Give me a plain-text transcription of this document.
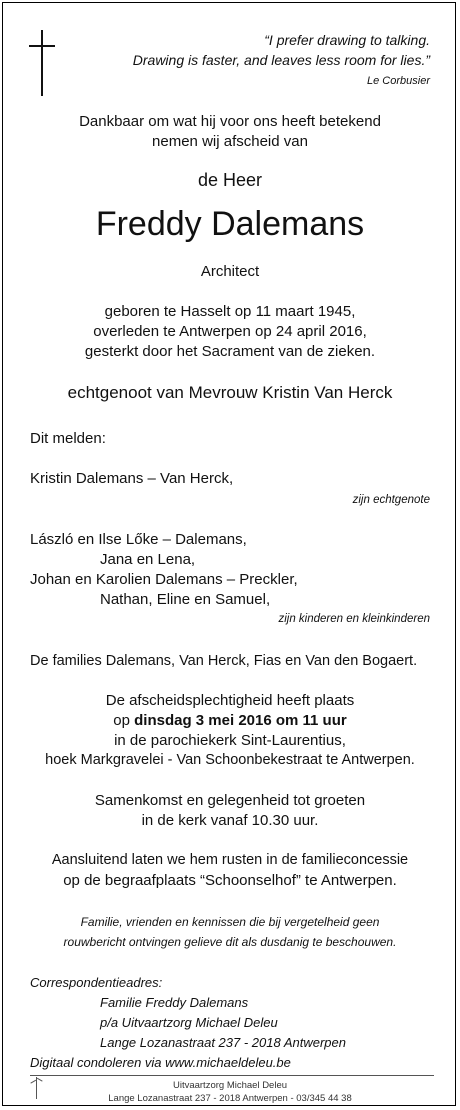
“I prefer drawing to talking.
Drawing is faster, and leaves less room for lies.”
Le Corbusier
Dankbaar om wat hij voor ons heeft betekend
nemen wij afscheid van
de Heer
Freddy Dalemans
Architect
geboren te Hasselt op 11 maart 1945,
overleden te Antwerpen op 24 april 2016,
gesterkt door het Sacrament van de zieken.
echtgenoot van Mevrouw Kristin Van Herck
Dit melden:
Kristin Dalemans – Van Herck,
zijn echtgenote
László en Ilse Lőke – Dalemans,
Jana en Lena,
Johan en Karolien Dalemans – Preckler,
Nathan, Eline en Samuel,
zijn kinderen en kleinkinderen
De families Dalemans, Van Herck, Fias en Van den Bogaert.
De afscheidsplechtigheid heeft plaats
op dinsdag 3 mei 2016 om 11 uur
in de parochiekerk Sint-Laurentius,
hoek Markgravelei - Van Schoonbekestraat te Antwerpen.
Samenkomst en gelegenheid tot groeten
in de kerk vanaf 10.30 uur.
Aansluitend laten we hem rusten in de familieconcessie
op de begraafplaats “Schoonselhof” te Antwerpen.
Familie, vrienden en kennissen die bij vergetelheid geen
rouwbericht ontvingen gelieve dit als dusdanig te beschouwen.
Correspondentieadres:
Familie Freddy Dalemans
p/a Uitvaartzorg Michael Deleu
Lange Lozanastraat 237 - 2018 Antwerpen
Digitaal condoleren via www.michaeldeleu.be
Uitvaartzorg Michael Deleu
Lange Lozanastraat 237 - 2018 Antwerpen - 03/345 44 38
